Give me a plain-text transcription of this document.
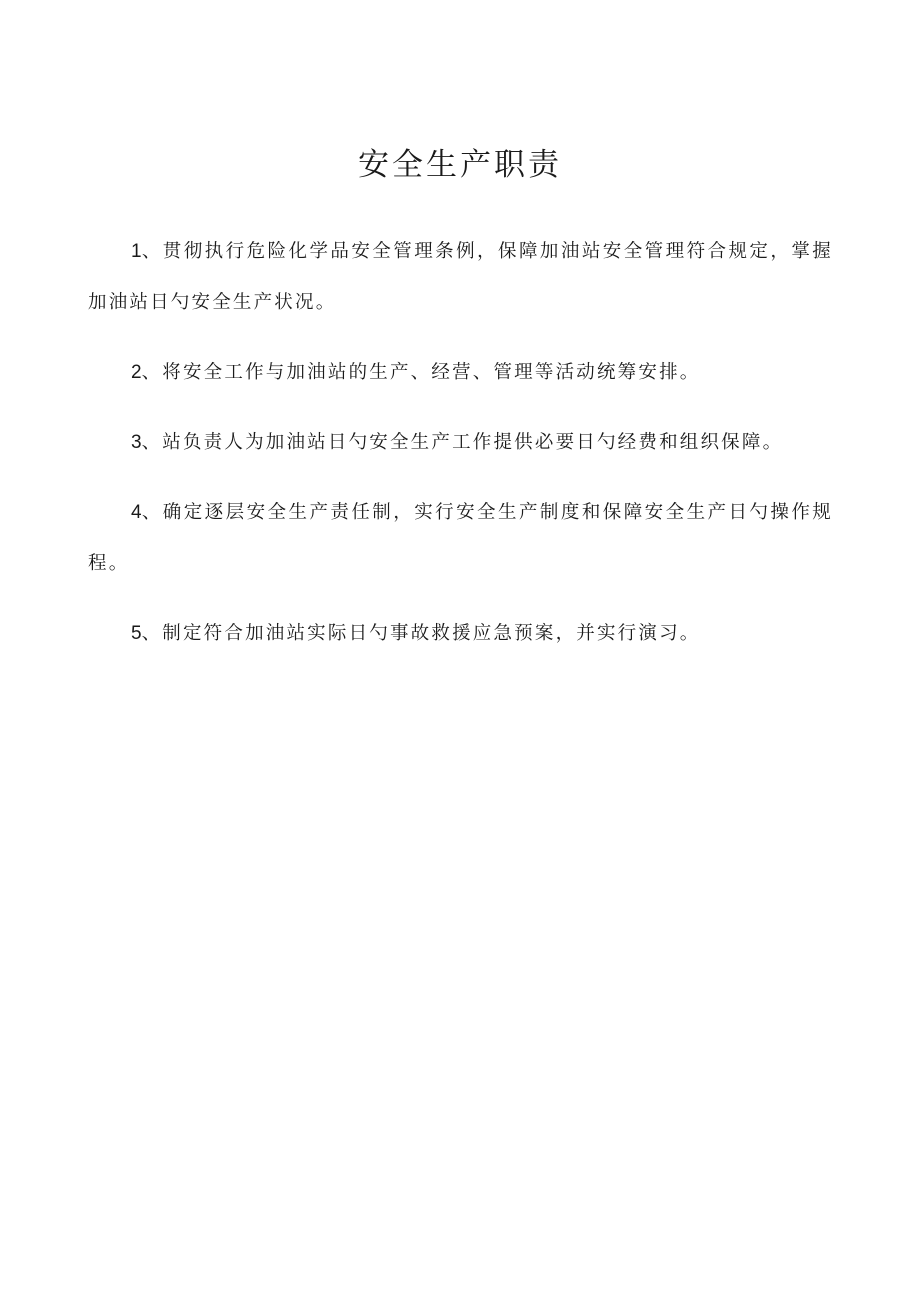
安全生产职责

1、贯彻执行危险化学品安全管理条例，保障加油站安全管理符合规定，掌握加油站日勺安全生产状况。

2、将安全工作与加油站的生产、经营、管理等活动统筹安排。

3、站负责人为加油站日勺安全生产工作提供必要日勺经费和组织保障。

4、确定逐层安全生产责任制，实行安全生产制度和保障安全生产日勺操作规程。

5、制定符合加油站实际日勺事故救援应急预案，并实行演习。
